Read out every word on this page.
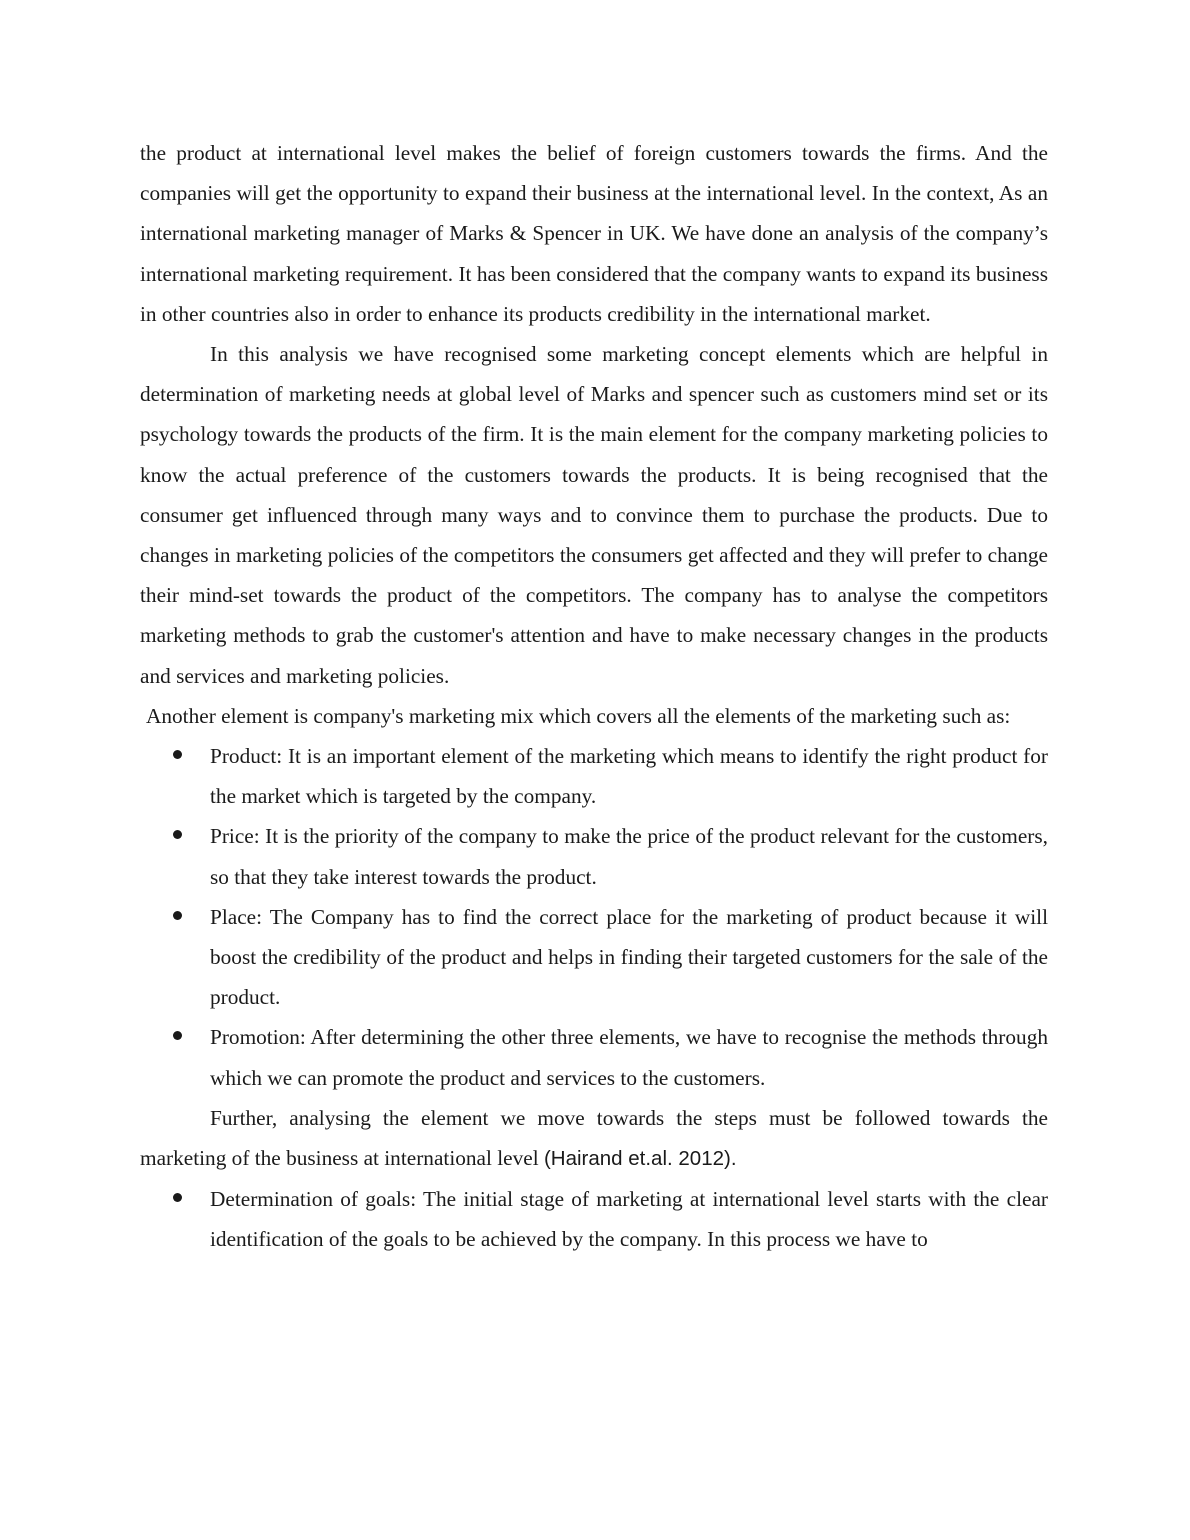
the product at international level makes the belief of foreign customers towards the firms. And the companies will get the opportunity to expand their business at the international level. In the context, As an international marketing manager of Marks & Spencer in UK. We have done an analysis of the company’s international marketing requirement. It has been considered that the company wants to expand its business in other countries also in order to enhance its products credibility in the international market.

In this analysis we have recognised some marketing concept elements which are helpful in determination of marketing needs at global level of Marks and spencer such as customers mind set or its psychology towards the products of the firm. It is the main element for the company marketing policies to know the actual preference of the customers towards the products. It is being recognised that the consumer get influenced through many ways and to convince them to purchase the products. Due to changes in marketing policies of the competitors the consumers get affected and they will prefer to change their mind-set towards the product of the competitors. The company has to analyse the competitors marketing methods to grab the customer's attention and have to make necessary changes in the products and services and marketing policies.

Another element is company's marketing mix which covers all the elements of the marketing such as:

Product: It is an important element of the marketing which means to identify the right product for the market which is targeted by the company.
Price: It is the priority of the company to make the price of the product relevant for the customers, so that they take interest towards the product.
Place: The Company has to find the correct place for the marketing of product because it will boost the credibility of the product and helps in finding their targeted customers for the sale of the product.
Promotion: After determining the other three elements, we have to recognise the methods through which we can promote the product and services to the customers.

Further, analysing the element we move towards the steps must be followed towards the marketing of the business at international level (Hairand et.al. 2012).

Determination of goals: The initial stage of marketing at international level starts with the clear identification of the goals to be achieved by the company. In this process we have to
